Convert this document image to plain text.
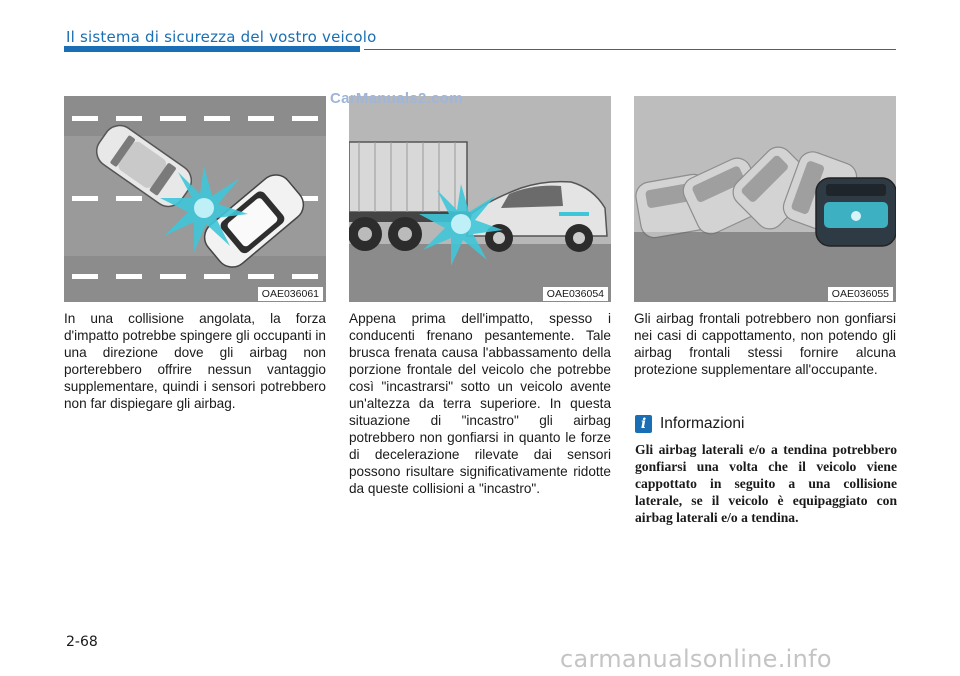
Il sistema di sicurezza del vostro veicolo
OAE036061	OAE036054	OAE036055
CarManuals2.com

In una collisione angolata, la forza d'impatto potrebbe spingere gli occupanti in una direzione dove gli airbag non porterebbero offrire nessun vantaggio supplementare, quindi i sensori potrebbero non far dispiegare gli airbag.

Appena prima dell'impatto, spesso i conducenti frenano pesantemente. Tale brusca frenata causa l'abbassamento della porzione frontale del veicolo che potrebbe così "incastrarsi" sotto un veicolo avente un'altezza da terra superiore. In questa situazione di "incastro" gli airbag potrebbero non gonfiarsi in quanto le forze di decelerazione rilevate dai sensori possono risultare significativamente ridotte da queste collisioni a "incastro".

Gli airbag frontali potrebbero non gonfiarsi nei casi di cappottamento, non potendo gli airbag frontali stessi fornire alcuna protezione supplementare all'occupante.

i Informazioni

Gli airbag laterali e/o a tendina potrebbero gonfiarsi una volta che il veicolo viene cappottato in seguito a una collisione laterale, se il veicolo è equipaggiato con airbag laterali e/o a tendina.

2-68
carmanualsonline.info
